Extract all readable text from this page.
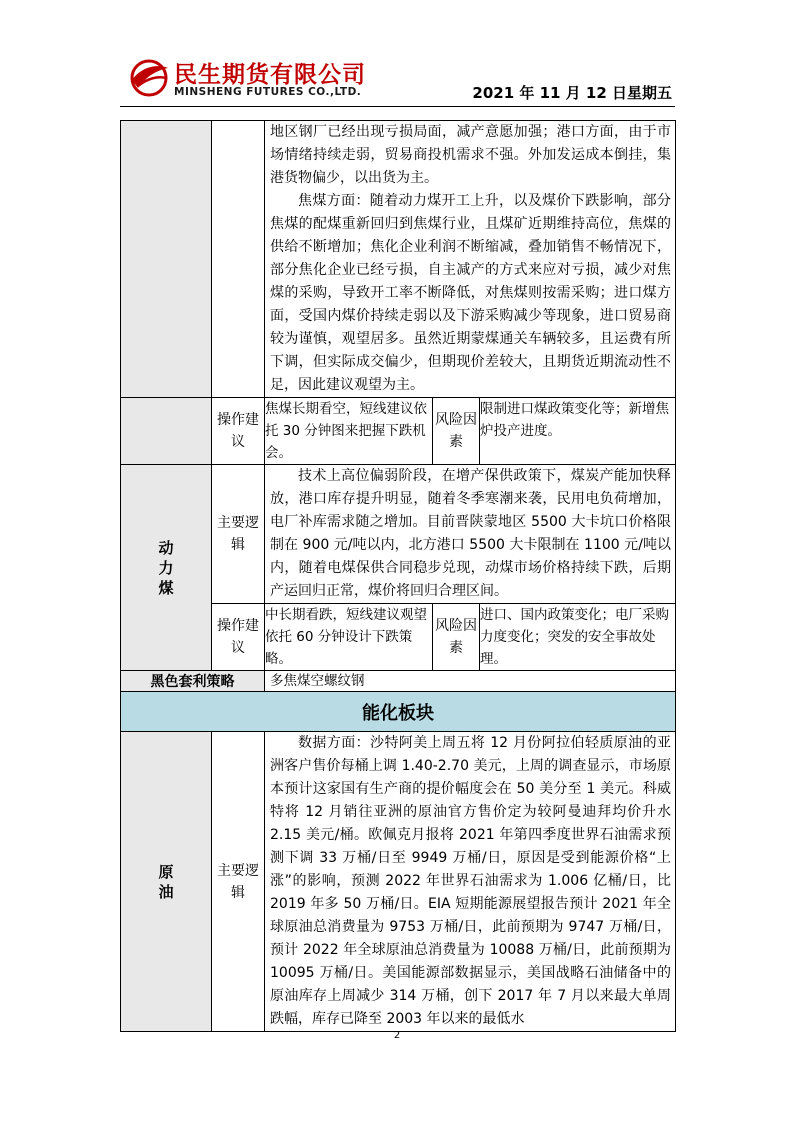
民生期货有限公司
MINSHENG FUTURES CO.,LTD.	2021 年 11 月 12 日星期五

		地区钢厂已经出现亏损局面，减产意愿加强；港口方面，由于市场情绪持续走弱，贸易商投机需求不强。外加发运成本倒挂，集港货物偏少，以出货为主。
焦煤方面：随着动力煤开工上升，以及煤价下跌影响，部分焦煤的配煤重新回归到焦煤行业，且煤矿近期维持高位，焦煤的供给不断增加；焦化企业利润不断缩减，叠加销售不畅情况下，部分焦化企业已经亏损，自主减产的方式来应对亏损，减少对焦煤的采购，导致开工率不断降低，对焦煤则按需采购；进口煤方面，受国内煤价持续走弱以及下游采购减少等现象，进口贸易商较为谨慎，观望居多。虽然近期蒙煤通关车辆较多，且运费有所下调，但实际成交偏少，但期现价差较大，且期货近期流动性不足，因此建议观望为主。		

	操作建议	焦煤长期看空，短线建议依托 30 分钟图来把握下跌机会。	风险因素	限制进口煤政策变化等；新增焦炉投产进度。
动力煤	主要逻辑	技术上高位偏弱阶段，在增产保供政策下，煤炭产能加快释放，港口库存提升明显，随着冬季寒潮来袭，民用电负荷增加，电厂补库需求随之增加。目前晋陕蒙地区 5500 大卡坑口价格限制在 900 元/吨以内，北方港口 5500 大卡限制在 1100 元/吨以内，随着电煤保供合同稳步兑现，动煤市场价格持续下跌，后期产运回归正常，煤价将回归合理区间。		

	操作建议	中长期看跌，短线建议观望依托 60 分钟设计下跌策略。	风险因素	进口、国内政策变化；电厂采购力度变化；突发的安全事故处理。
黑色套利策略		多焦煤空螺纹钢		
能化板块				
原油	主要逻辑	数据方面：沙特阿美上周五将 12 月份阿拉伯轻质原油的亚洲客户售价每桶上调 1.40-2.70 美元，上周的调查显示，市场原本预计这家国有生产商的提价幅度会在 50 美分至 1 美元。科威特将 12 月销往亚洲的原油官方售价定为较阿曼迪拜均价升水 2.15 美元/桶。欧佩克月报将 2021 年第四季度世界石油需求预测下调 33 万桶/日至 9949 万桶/日，原因是受到能源价格“上涨”的影响，预测 2022 年世界石油需求为 1.006 亿桶/日，比 2019 年多 50 万桶/日。EIA 短期能源展望报告预计 2021 年全球原油总消费量为 9753 万桶/日，此前预期为 9747 万桶/日，预计 2022 年全球原油总消费量为 10088 万桶/日，此前预期为 10095 万桶/日。美国能源部数据显示，美国战略石油储备中的原油库存上周减少 314 万桶，创下 2017 年 7 月以来最大单周跌幅，库存已降至 2003 年以来的最低水		
2
